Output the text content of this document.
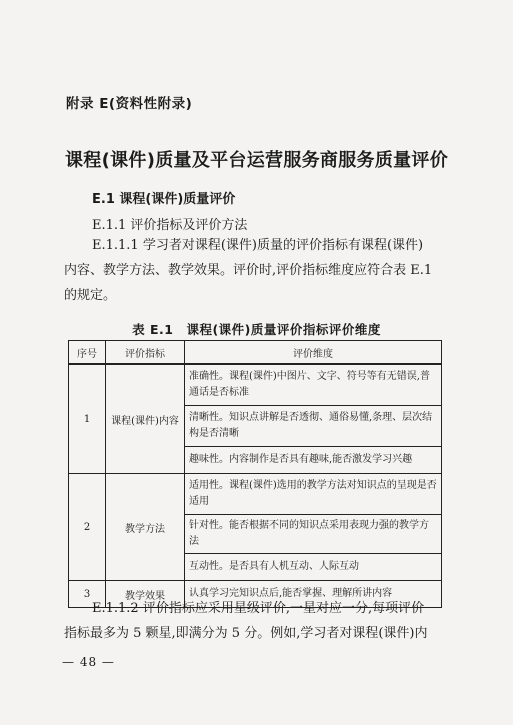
附录 E(资料性附录)
课程(课件)质量及平台运营服务商服务质量评价
E.1 课程(课件)质量评价
E.1.1 评价指标及评价方法
E.1.1.1 学习者对课程(课件)质量的评价指标有课程(课件)
内容、教学方法、教学效果。评价时,评价指标维度应符合表 E.1
的规定。
表 E.1　课程(课件)质量评价指标评价维度
序号	评价指标	评价维度
1	课程(课件)内容	准确性。课程(课件)中图片、文字、符号等有无错误,普通话是否标准
		清晰性。知识点讲解是否透彻、通俗易懂,条理、层次结构是否清晰
		趣味性。内容制作是否具有趣味,能否激发学习兴趣
2	教学方法	适用性。课程(课件)选用的教学方法对知识点的呈现是否适用
		针对性。能否根据不同的知识点采用表现力强的教学方法
		互动性。是否具有人机互动、人际互动
3	教学效果	认真学习完知识点后,能否掌握、理解所讲内容
E.1.1.2 评价指标应采用星级评价,一星对应一分,每项评价
指标最多为 5 颗星,即满分为 5 分。例如,学习者对课程(课件)内
— 48 —
